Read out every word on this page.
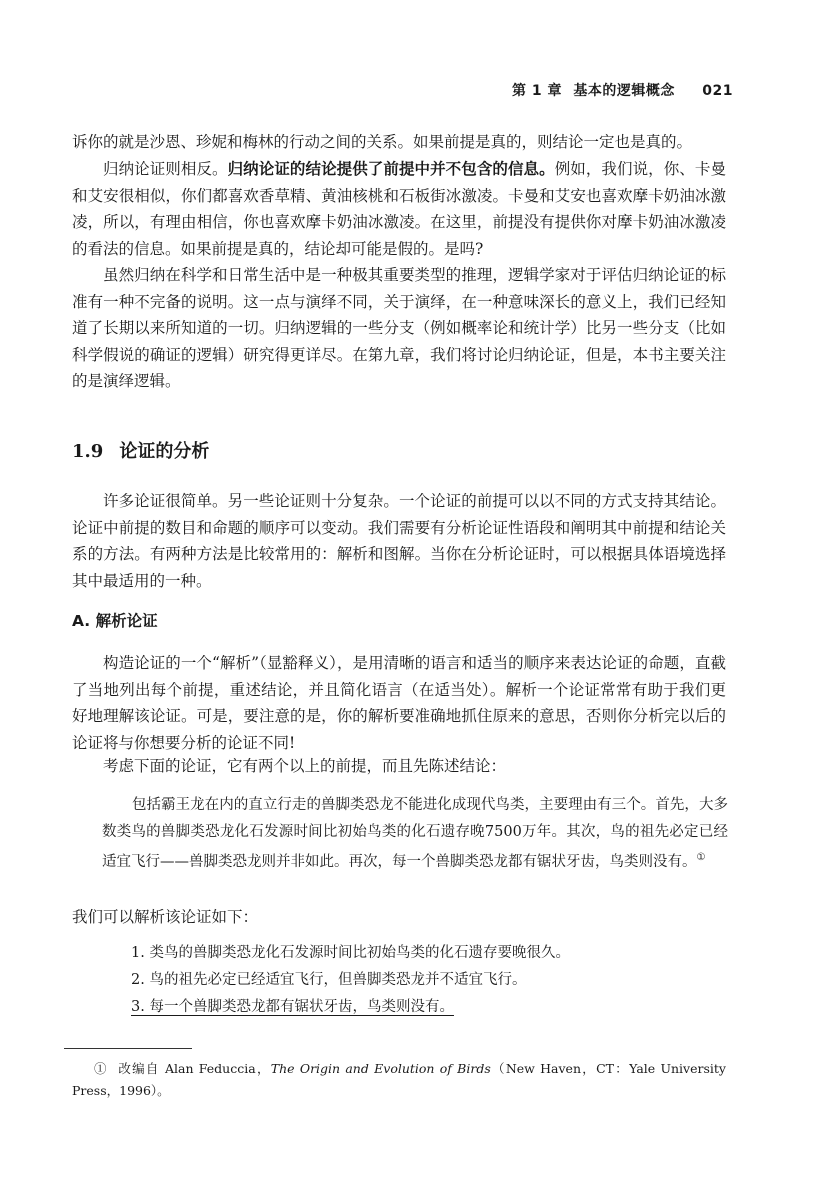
第 1 章 基本的逻辑概念 021

诉你的就是沙恩、珍妮和梅林的行动之间的关系。如果前提是真的，则结论一定也是真的。

归纳论证则相反。归纳论证的结论提供了前提中并不包含的信息。例如，我们说，你、卡曼和艾安很相似，你们都喜欢香草精、黄油核桃和石板街冰激凌。卡曼和艾安也喜欢摩卡奶油冰激凌，所以，有理由相信，你也喜欢摩卡奶油冰激凌。在这里，前提没有提供你对摩卡奶油冰激凌的看法的信息。如果前提是真的，结论却可能是假的。是吗?

虽然归纳在科学和日常生活中是一种极其重要类型的推理，逻辑学家对于评估归纳论证的标准有一种不完备的说明。这一点与演绎不同，关于演绎，在一种意味深长的意义上，我们已经知道了长期以来所知道的一切。归纳逻辑的一些分支（例如概率论和统计学）比另一些分支（比如科学假说的确证的逻辑）研究得更详尽。在第九章，我们将讨论归纳论证，但是，本书主要关注的是演绎逻辑。

1.9 论证的分析

许多论证很简单。另一些论证则十分复杂。一个论证的前提可以以不同的方式支持其结论。论证中前提的数目和命题的顺序可以变动。我们需要有分析论证性语段和阐明其中前提和结论关系的方法。有两种方法是比较常用的：解析和图解。当你在分析论证时，可以根据具体语境选择其中最适用的一种。

A. 解析论证

构造论证的一个“解析”（显豁释义），是用清晰的语言和适当的顺序来表达论证的命题，直截了当地列出每个前提，重述结论，并且简化语言（在适当处）。解析一个论证常常有助于我们更好地理解该论证。可是，要注意的是，你的解析要准确地抓住原来的意思，否则你分析完以后的论证将与你想要分析的论证不同!

考虑下面的论证，它有两个以上的前提，而且先陈述结论：

包括霸王龙在内的直立行走的兽脚类恐龙不能进化成现代鸟类，主要理由有三个。首先，大多数类鸟的兽脚类恐龙化石发源时间比初始鸟类的化石遗存晚7500万年。其次，鸟的祖先必定已经适宜飞行——兽脚类恐龙则并非如此。再次，每一个兽脚类恐龙都有锯状牙齿，鸟类则没有。①

我们可以解析该论证如下：

1. 类鸟的兽脚类恐龙化石发源时间比初始鸟类的化石遗存要晚很久。
2. 鸟的祖先必定已经适宜飞行，但兽脚类恐龙并不适宜飞行。
3. 每一个兽脚类恐龙都有锯状牙齿，鸟类则没有。
① 改编自 Alan Feduccia，The Origin and Evolution of Birds（New Haven，CT：Yale University Press，1996）。
